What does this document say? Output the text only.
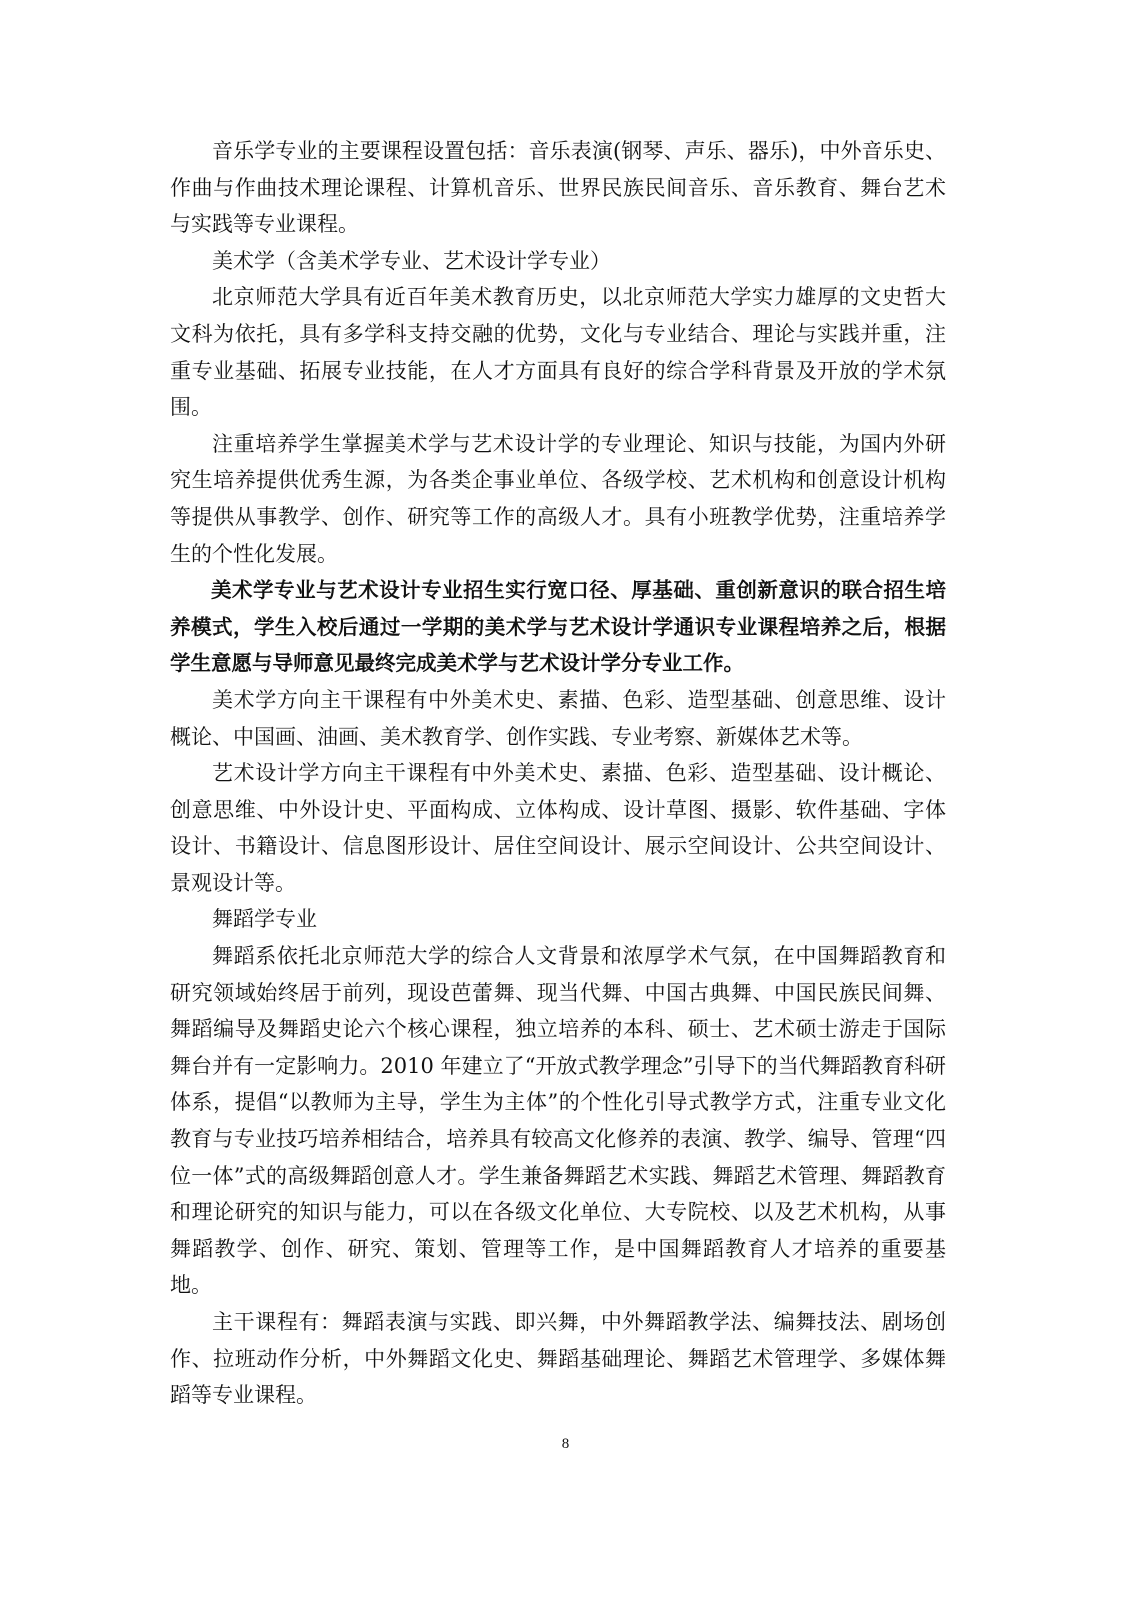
音乐学专业的主要课程设置包括：音乐表演(钢琴、声乐、器乐)，中外音乐史、作曲与作曲技术理论课程、计算机音乐、世界民族民间音乐、音乐教育、舞台艺术与实践等专业课程。

美术学（含美术学专业、艺术设计学专业）

北京师范大学具有近百年美术教育历史，以北京师范大学实力雄厚的文史哲大文科为依托，具有多学科支持交融的优势，文化与专业结合、理论与实践并重，注重专业基础、拓展专业技能，在人才方面具有良好的综合学科背景及开放的学术氛围。

注重培养学生掌握美术学与艺术设计学的专业理论、知识与技能，为国内外研究生培养提供优秀生源，为各类企事业单位、各级学校、艺术机构和创意设计机构等提供从事教学、创作、研究等工作的高级人才。具有小班教学优势，注重培养学生的个性化发展。

美术学专业与艺术设计专业招生实行宽口径、厚基础、重创新意识的联合招生培养模式，学生入校后通过一学期的美术学与艺术设计学通识专业课程培养之后，根据学生意愿与导师意见最终完成美术学与艺术设计学分专业工作。

美术学方向主干课程有中外美术史、素描、色彩、造型基础、创意思维、设计概论、中国画、油画、美术教育学、创作实践、专业考察、新媒体艺术等。

艺术设计学方向主干课程有中外美术史、素描、色彩、造型基础、设计概论、创意思维、中外设计史、平面构成、立体构成、设计草图、摄影、软件基础、字体设计、书籍设计、信息图形设计、居住空间设计、展示空间设计、公共空间设计、景观设计等。

舞蹈学专业

舞蹈系依托北京师范大学的综合人文背景和浓厚学术气氛，在中国舞蹈教育和研究领域始终居于前列，现设芭蕾舞、现当代舞、中国古典舞、中国民族民间舞、舞蹈编导及舞蹈史论六个核心课程，独立培养的本科、硕士、艺术硕士游走于国际舞台并有一定影响力。2010 年建立了“开放式教学理念”引导下的当代舞蹈教育科研体系，提倡“以教师为主导，学生为主体”的个性化引导式教学方式，注重专业文化教育与专业技巧培养相结合，培养具有较高文化修养的表演、教学、编导、管理“四位一体”式的高级舞蹈创意人才。学生兼备舞蹈艺术实践、舞蹈艺术管理、舞蹈教育和理论研究的知识与能力，可以在各级文化单位、大专院校、以及艺术机构，从事舞蹈教学、创作、研究、策划、管理等工作，是中国舞蹈教育人才培养的重要基地。

主干课程有：舞蹈表演与实践、即兴舞，中外舞蹈教学法、编舞技法、剧场创作、拉班动作分析，中外舞蹈文化史、舞蹈基础理论、舞蹈艺术管理学、多媒体舞蹈等专业课程。

8
